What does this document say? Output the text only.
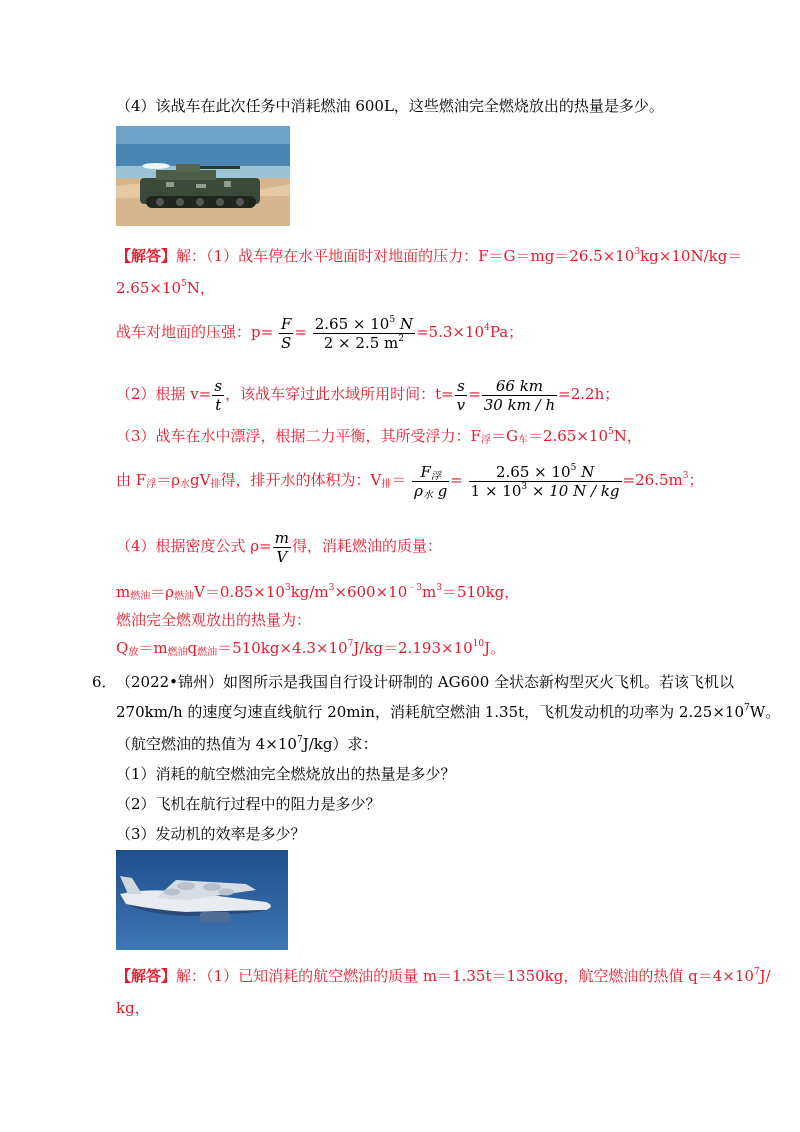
（4）该战车在此次任务中消耗燃油 600L，这些燃油完全燃烧放出的热量是多少。
【解答】解：（1）战车停在水平地面时对地面的压力：$F=G=mg=26.5\times 10^3kg\times 10N/kg=$
$2.65\times 10^5N$，
战车对地面的压强：$p= \frac{F}{S} = \frac{2.65 \times 10^5 N}{2 \times 2.5 m^2} =5.3\times 10^4Pa$；
（2）根据 $v= \frac{s}{t}$ ，该战车穿过此水域所用时间：$t= \frac{s}{v} = \frac{66 km}{30 km / h} =2.2h$；
（3）战车在水中漂浮，根据二力平衡，其所受浮力：$F_浮=G_车=2.65\times 10^5N$，
由 $F_浮=\rho_水gV_排$得，排开水的体积为：$V_排= \frac{F_浮}{\rho_水 g} = \frac{2.65 \times 10^5 N}{1 \times 10^3 \times 10 N / kg} =26.5m^3$；
（4）根据密度公式 $\rho= \frac{m}{V}$ 得，消耗燃油的质量：
$m_{燃油}=\rho_{燃油}V=0.85\times 10^3kg/m^3\times 600\times 10^{﹣3}m^3=510kg$，
燃油完全燃观放出的热量为：
$Q_放=m_{燃油}q_{燃油}=510kg\times 4.3\times 10^7J/kg=2.193\times 10^{10}J$。
6． （2022•锦州）如图所示是我国自行设计研制的 AG600 全状态新构型灭火飞机。若该飞机以
270km/h 的速度匀速直线航行 20min，消耗航空燃油 1.35t，飞机发动机的功率为 $2.25\times 10^7W$。
（航空燃油的热值为 $4\times 10^7J/kg$）求：
（1）消耗的航空燃油完全燃烧放出的热量是多少？
（2）飞机在航行过程中的阻力是多少？
（3）发动机的效率是多少？
【解答】解：（1）已知消耗的航空燃油的质量 m＝1.35t＝1350kg，航空燃油的热值 $q=4\times 10^7J/$
kg，
